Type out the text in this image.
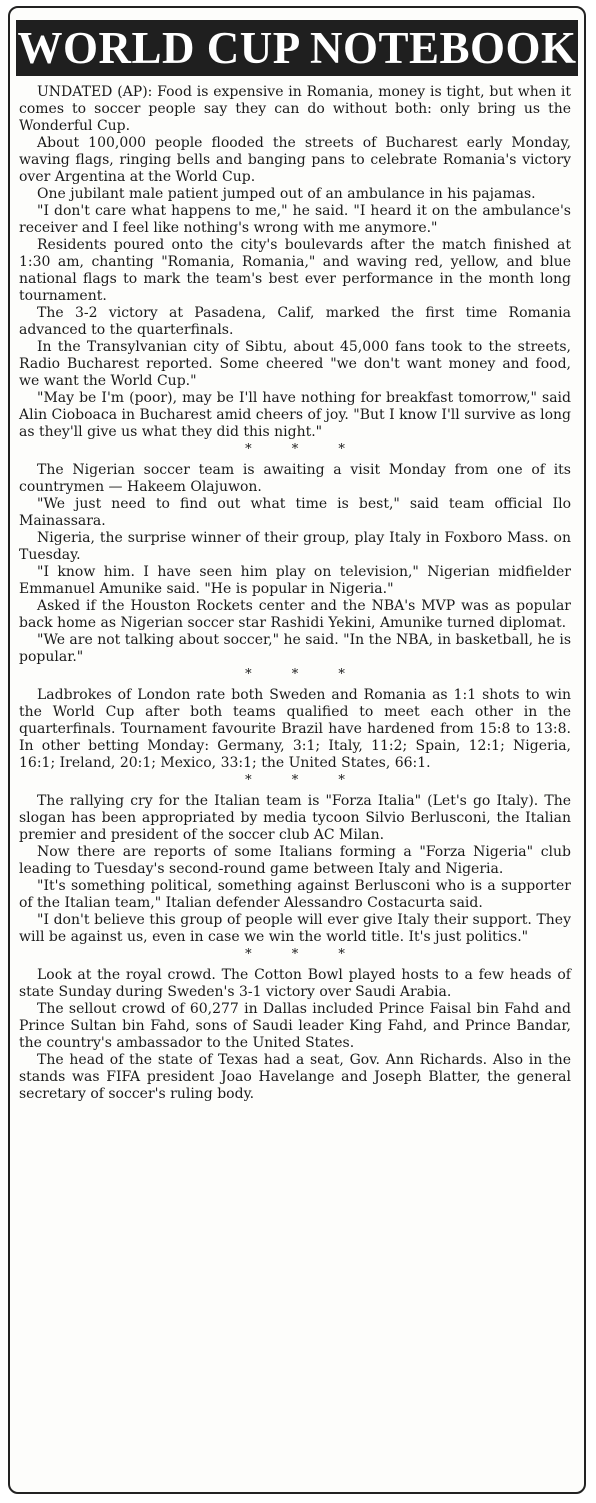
WORLD CUP NOTEBOOK

UNDATED (AP): Food is expensive in Romania, money is tight, but when it comes to soccer people say they can do without both: only bring us the Wonderful Cup.

About 100,000 people flooded the streets of Bucharest early Monday, waving flags, ringing bells and banging pans to celebrate Romania's victory over Argentina at the World Cup.

One jubilant male patient jumped out of an ambulance in his pajamas.

"I don't care what happens to me," he said. "I heard it on the ambulance's receiver and I feel like nothing's wrong with me anymore."

Residents poured onto the city's boulevards after the match finished at 1:30 am, chanting "Romania, Romania," and waving red, yellow, and blue national flags to mark the team's best ever performance in the month long tournament.

The 3-2 victory at Pasadena, Calif, marked the first time Romania advanced to the quarterfinals.

In the Transylvanian city of Sibtu, about 45,000 fans took to the streets, Radio Bucharest reported. Some cheered "we don't want money and food, we want the World Cup."

"May be I'm (poor), may be I'll have nothing for breakfast tomorrow," said Alin Cioboaca in Bucharest amid cheers of joy. "But I know I'll survive as long as they'll give us what they did this night."

* * *

The Nigerian soccer team is awaiting a visit Monday from one of its countrymen — Hakeem Olajuwon.

"We just need to find out what time is best," said team official Ilo Mainassara.

Nigeria, the surprise winner of their group, play Italy in Foxboro Mass. on Tuesday.

"I know him. I have seen him play on television," Nigerian midfielder Emmanuel Amunike said. "He is popular in Nigeria."

Asked if the Houston Rockets center and the NBA's MVP was as popular back home as Nigerian soccer star Rashidi Yekini, Amunike turned diplomat.

"We are not talking about soccer," he said. "In the NBA, in basketball, he is popular."

* * *

Ladbrokes of London rate both Sweden and Romania as 1:1 shots to win the World Cup after both teams qualified to meet each other in the quarterfinals. Tournament favourite Brazil have hardened from 15:8 to 13:8. In other betting Monday: Germany, 3:1; Italy, 11:2; Spain, 12:1; Nigeria, 16:1; Ireland, 20:1; Mexico, 33:1; the United States, 66:1.

* * *

The rallying cry for the Italian team is "Forza Italia" (Let's go Italy). The slogan has been appropriated by media tycoon Silvio Berlusconi, the Italian premier and president of the soccer club AC Milan.

Now there are reports of some Italians forming a "Forza Nigeria" club leading to Tuesday's second-round game between Italy and Nigeria.

"It's something political, something against Berlusconi who is a supporter of the Italian team," Italian defender Alessandro Costacurta said.

"I don't believe this group of people will ever give Italy their support. They will be against us, even in case we win the world title. It's just politics."

* * *

Look at the royal crowd. The Cotton Bowl played hosts to a few heads of state Sunday during Sweden's 3-1 victory over Saudi Arabia.

The sellout crowd of 60,277 in Dallas included Prince Faisal bin Fahd and Prince Sultan bin Fahd, sons of Saudi leader King Fahd, and Prince Bandar, the country's ambassador to the United States.

The head of the state of Texas had a seat, Gov. Ann Richards. Also in the stands was FIFA president Joao Havelange and Joseph Blatter, the general secretary of soccer's ruling body.
